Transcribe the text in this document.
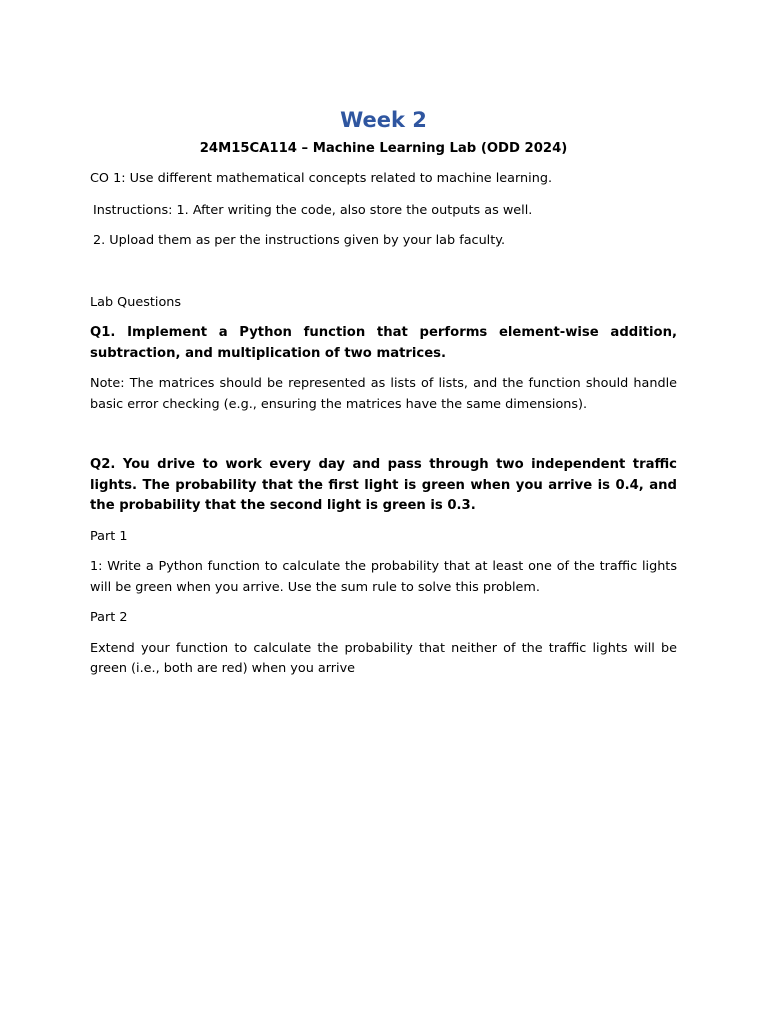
Week 2
24M15CA114 – Machine Learning Lab (ODD 2024)

CO 1: Use different mathematical concepts related to machine learning.

Instructions: 1. After writing the code, also store the outputs as well.

2. Upload them as per the instructions given by your lab faculty.

Lab Questions

Q1. Implement a Python function that performs element-wise addition, subtraction, and multiplication of two matrices.

Note: The matrices should be represented as lists of lists, and the function should handle basic error checking (e.g., ensuring the matrices have the same dimensions).

Q2. You drive to work every day and pass through two independent traffic lights. The probability that the first light is green when you arrive is 0.4, and the probability that the second light is green is 0.3.

Part 1

1: Write a Python function to calculate the probability that at least one of the traffic lights will be green when you arrive. Use the sum rule to solve this problem.

Part 2

Extend your function to calculate the probability that neither of the traffic lights will be green (i.e., both are red) when you arrive
